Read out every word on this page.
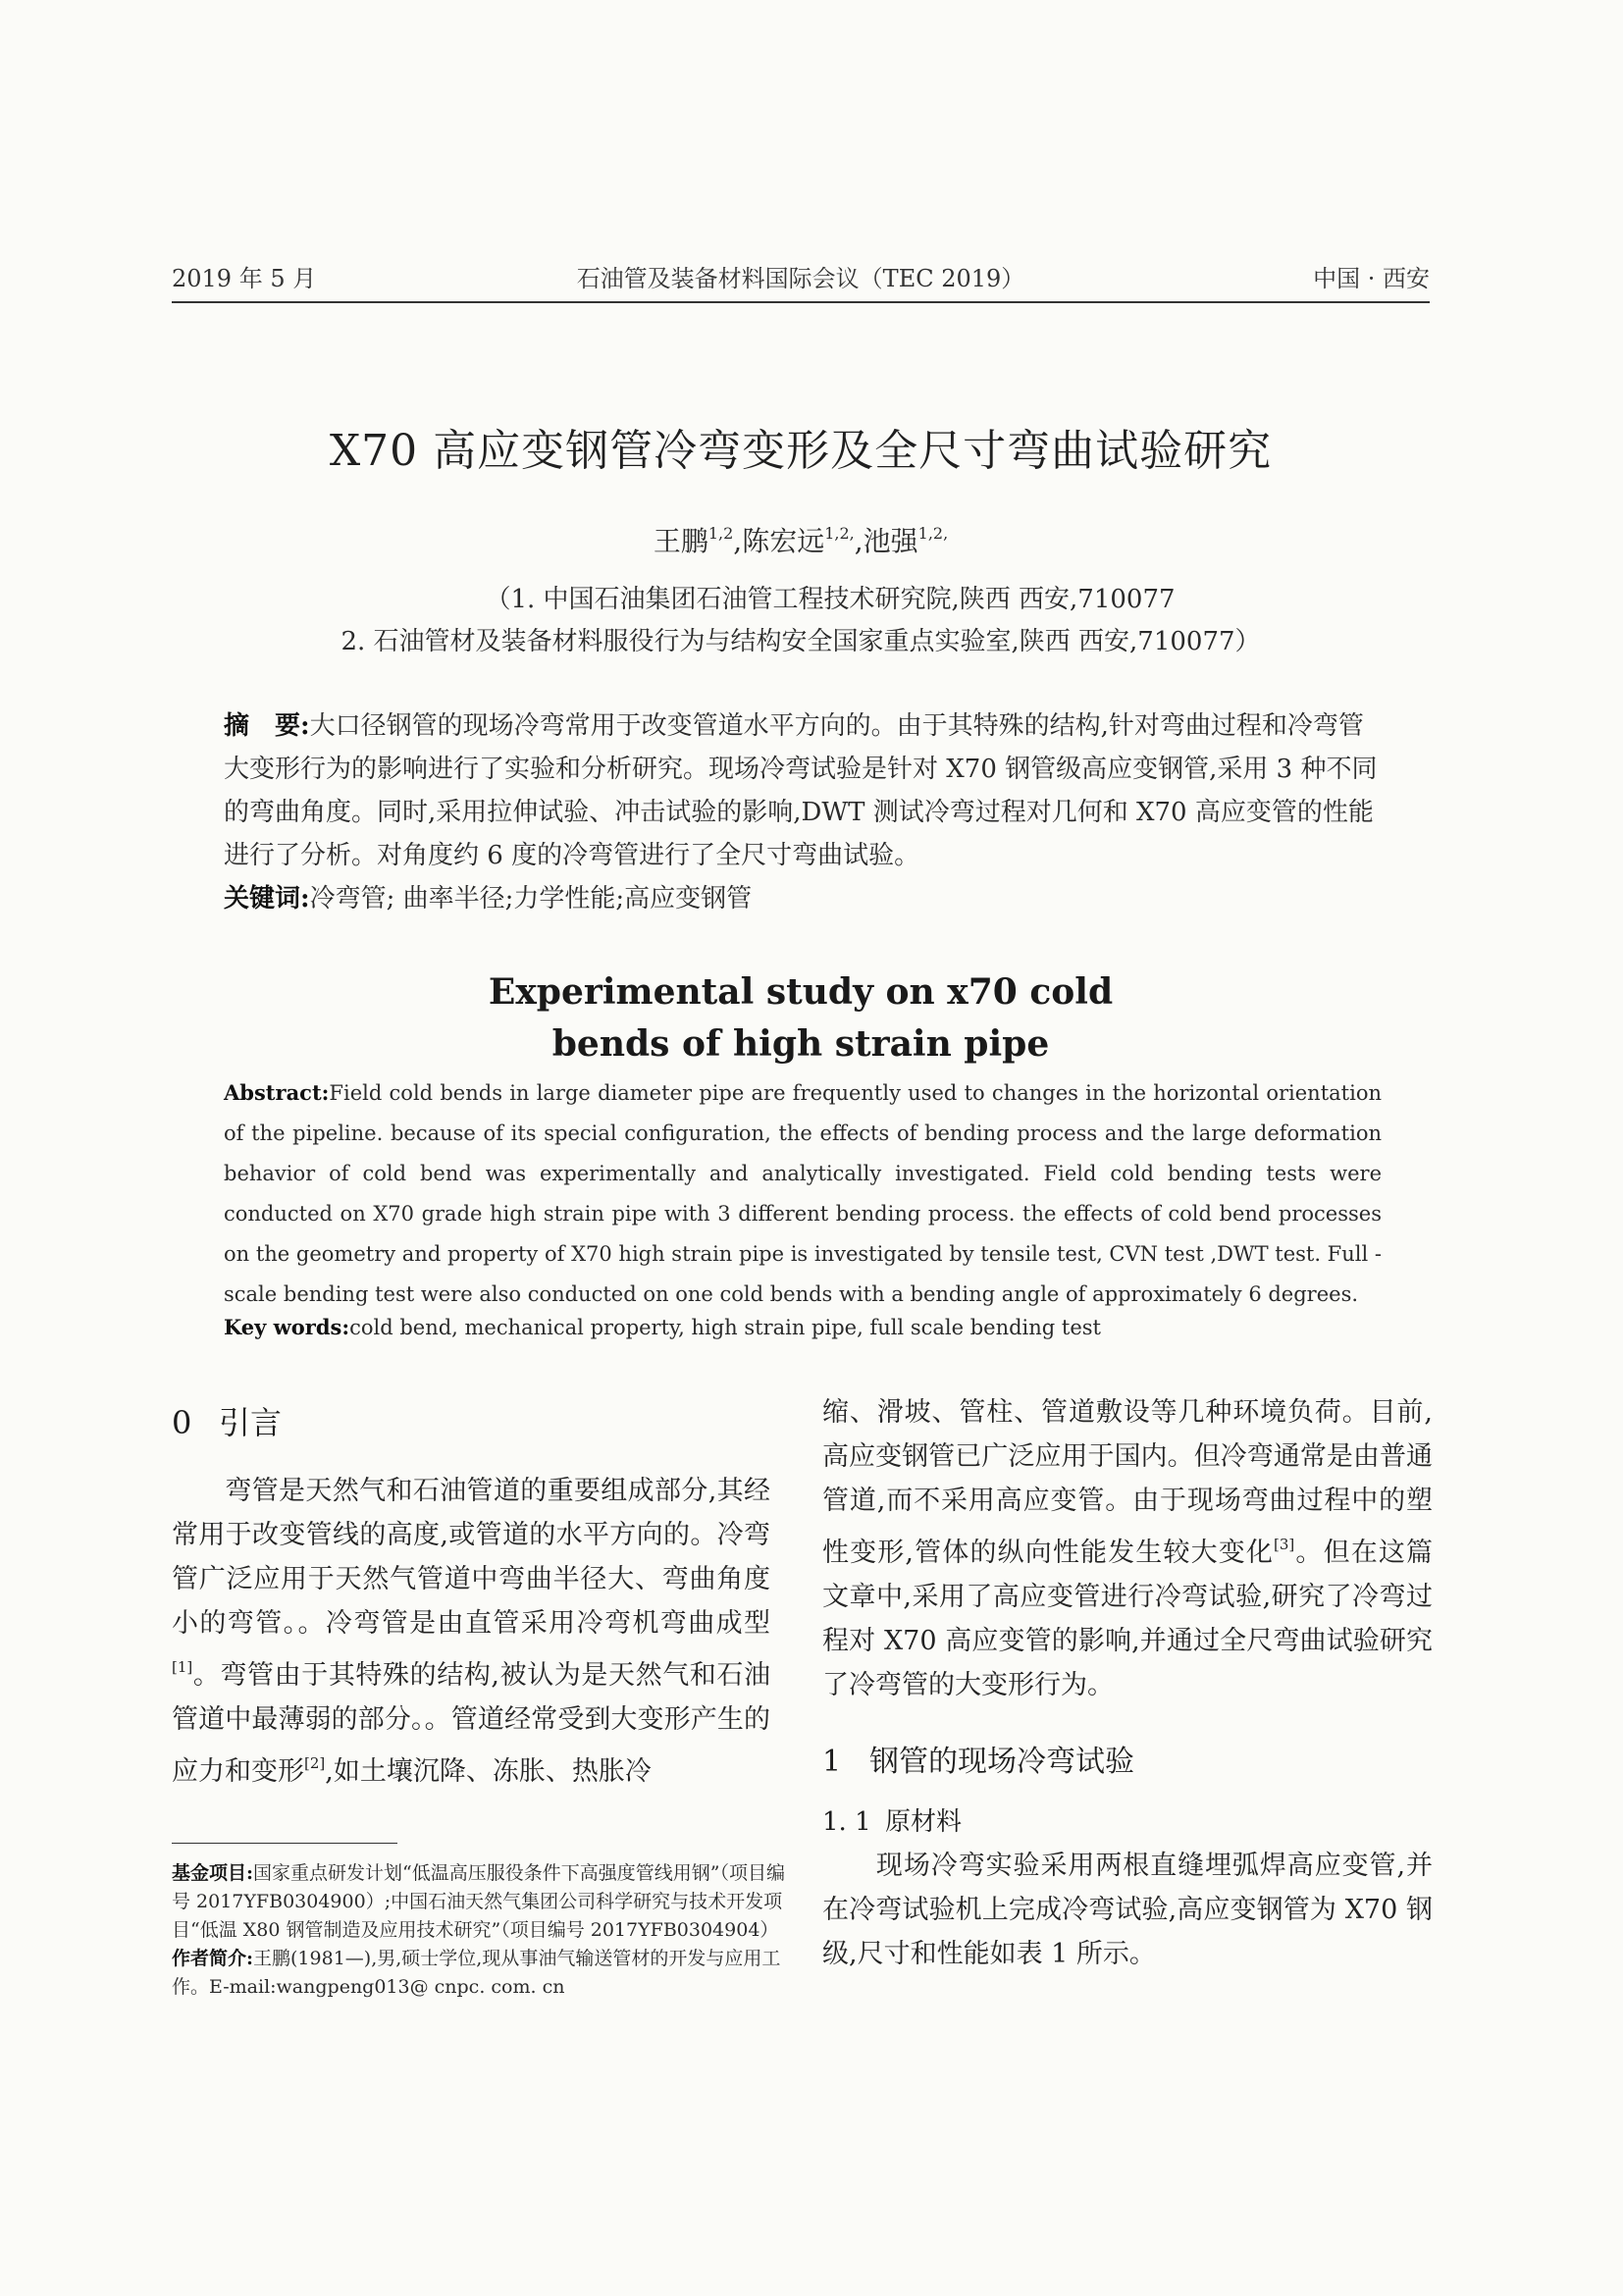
2019 年 5 月	石油管及装备材料国际会议（TEC 2019）	中国 · 西安
X70 高应变钢管冷弯变形及全尺寸弯曲试验研究
王鹏$^{1,2}$,陈宏远$^{1,2,}$,池强$^{1,2,}$
（1. 中国石油集团石油管工程技术研究院,陕西 西安,710077
2. 石油管材及装备材料服役行为与结构安全国家重点实验室,陕西 西安,710077）
摘　要:大口径钢管的现场冷弯常用于改变管道水平方向的。由于其特殊的结构,针对弯曲过程和冷弯管大变形行为的影响进行了实验和分析研究。现场冷弯试验是针对 X70 钢管级高应变钢管,采用 3 种不同的弯曲角度。同时,采用拉伸试验、冲击试验的影响,DWT 测试冷弯过程对几何和 X70 高应变管的性能进行了分析。对角度约 6 度的冷弯管进行了全尺寸弯曲试验。
关键词:冷弯管; 曲率半径;力学性能;高应变钢管
Experimental study on x70 cold
bends of high strain pipe
Abstract:Field cold bends in large diameter pipe are frequently used to changes in the horizontal orientation of the pipeline. because of its special configuration, the effects of bending process and the large deformation behavior of cold bend was experimentally and analytically investigated. Field cold bending tests were conducted on X70 grade high strain pipe with 3 different bending process. the effects of cold bend processes on the geometry and property of X70 high strain pipe is investigated by tensile test, CVN test ,DWT test. Full - scale bending test were also conducted on one cold bends with a bending angle of approximately 6 degrees.
Key words:cold bend, mechanical property, high strain pipe, full scale bending test
0 引言
弯管是天然气和石油管道的重要组成部分,其经常用于改变管线的高度,或管道的水平方向的。冷弯管广泛应用于天然气管道中弯曲半径大、弯曲角度小的弯管。。冷弯管是由直管采用冷弯机弯曲成型[1]。弯管由于其特殊的结构,被认为是天然气和石油管道中最薄弱的部分。。管道经常受到大变形产生的应力和变形[2],如土壤沉降、冻胀、热胀冷
缩、滑坡、管柱、管道敷设等几种环境负荷。目前,高应变钢管已广泛应用于国内。但冷弯通常是由普通管道,而不采用高应变管。由于现场弯曲过程中的塑性变形,管体的纵向性能发生较大变化[3]。但在这篇文章中,采用了高应变管进行冷弯试验,研究了冷弯过程对 X70 高应变管的影响,并通过全尺弯曲试验研究了冷弯管的大变形行为。
1 钢管的现场冷弯试验
1. 1 原材料
现场冷弯实验采用两根直缝埋弧焊高应变管,并在冷弯试验机上完成冷弯试验,高应变钢管为 X70 钢级,尺寸和性能如表 1 所示。
基金项目:国家重点研发计划“低温高压服役条件下高强度管线用钢”（项目编号 2017YFB0304900）;中国石油天然气集团公司科学研究与技术开发项目“低温 X80 钢管制造及应用技术研究”（项目编号 2017YFB0304904）
作者简介:王鹏(1981—),男,硕士学位,现从事油气输送管材的开发与应用工作。E-mail:wangpeng013@ cnpc. com. cn
